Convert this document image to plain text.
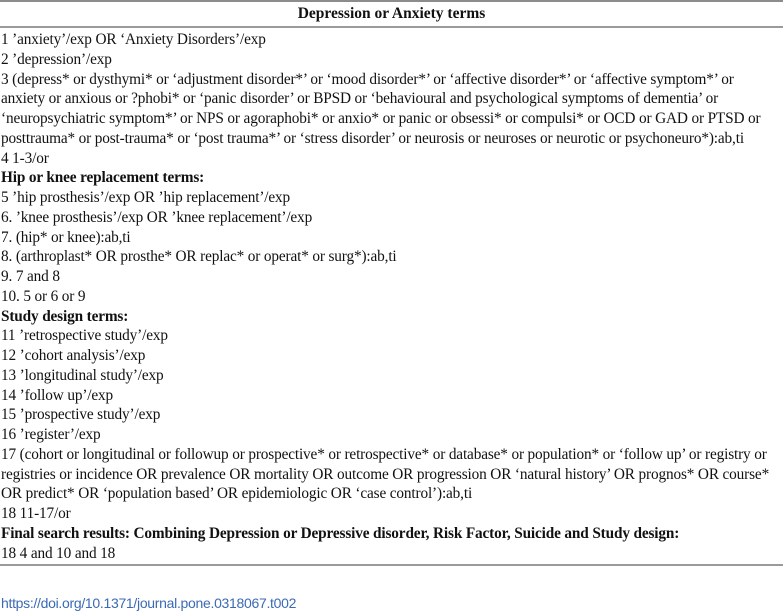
Depression or Anxiety terms
1 ’anxiety’/exp OR ‘Anxiety Disorders’/exp
2 ’depression’/exp
3 (depress* or dysthymi* or ‘adjustment disorder*’ or ‘mood disorder*’ or ‘affective disorder*’ or ‘affective symptom*’ or anxiety or anxious or ?phobi* or ‘panic disorder’ or BPSD or ‘behavioural and psychological symptoms of dementia’ or ‘neuropsychiatric symptom*’ or NPS or agoraphobi* or anxio* or panic or obsessi* or compulsi* or OCD or GAD or PTSD or posttrauma* or post-trauma* or ‘post trauma*’ or ‘stress disorder’ or neurosis or neuroses or neurotic or psychoneuro*):ab,ti
4 1-3/or
Hip or knee replacement terms:
5 ’hip prosthesis’/exp OR ’hip replacement’/exp
6. ’knee prosthesis’/exp OR ’knee replacement’/exp
7. (hip* or knee):ab,ti
8. (arthroplast* OR prosthe* OR replac* or operat* or surg*):ab,ti
9. 7 and 8
10. 5 or 6 or 9
Study design terms:
11 ’retrospective study’/exp
12 ’cohort analysis’/exp
13 ’longitudinal study’/exp
14 ’follow up’/exp
15 ’prospective study’/exp
16 ’register’/exp
17 (cohort or longitudinal or followup or prospective* or retrospective* or database* or population* or ‘follow up’ or registry or registries or incidence OR prevalence OR mortality OR outcome OR progression OR ‘natural history’ OR prognos* OR course* OR predict* OR ‘population based’ OR epidemiologic OR ‘case control’):ab,ti
18 11-17/or
Final search results: Combining Depression or Depressive disorder, Risk Factor, Suicide and Study design:
18 4 and 10 and 18
https://doi.org/10.1371/journal.pone.0318067.t002
